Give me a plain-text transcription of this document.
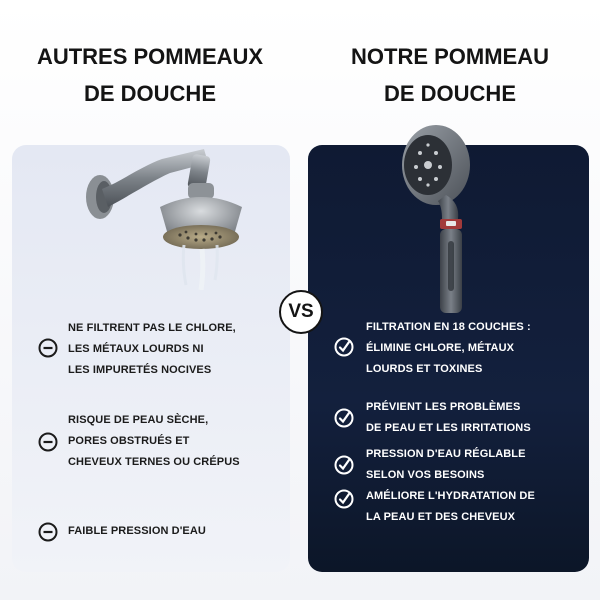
AUTRES POMMEAUX
DE DOUCHE
NOTRE POMMEAU
DE DOUCHE
NE FILTRENT PAS LE CHLORE,
LES MÉTAUX LOURDS NI
LES IMPURETÉS NOCIVES
RISQUE DE PEAU SÈCHE,
PORES OBSTRUÉS ET
CHEVEUX TERNES OU CRÉPUS
FAIBLE PRESSION D'EAU
FILTRATION EN 18 COUCHES :
ÉLIMINE CHLORE, MÉTAUX
LOURDS ET TOXINES
PRÉVIENT LES PROBLÈMES
DE PEAU ET LES IRRITATIONS
PRESSION D'EAU RÉGLABLE
SELON VOS BESOINS
AMÉLIORE L'HYDRATATION DE
LA PEAU ET DES CHEVEUX
VS
